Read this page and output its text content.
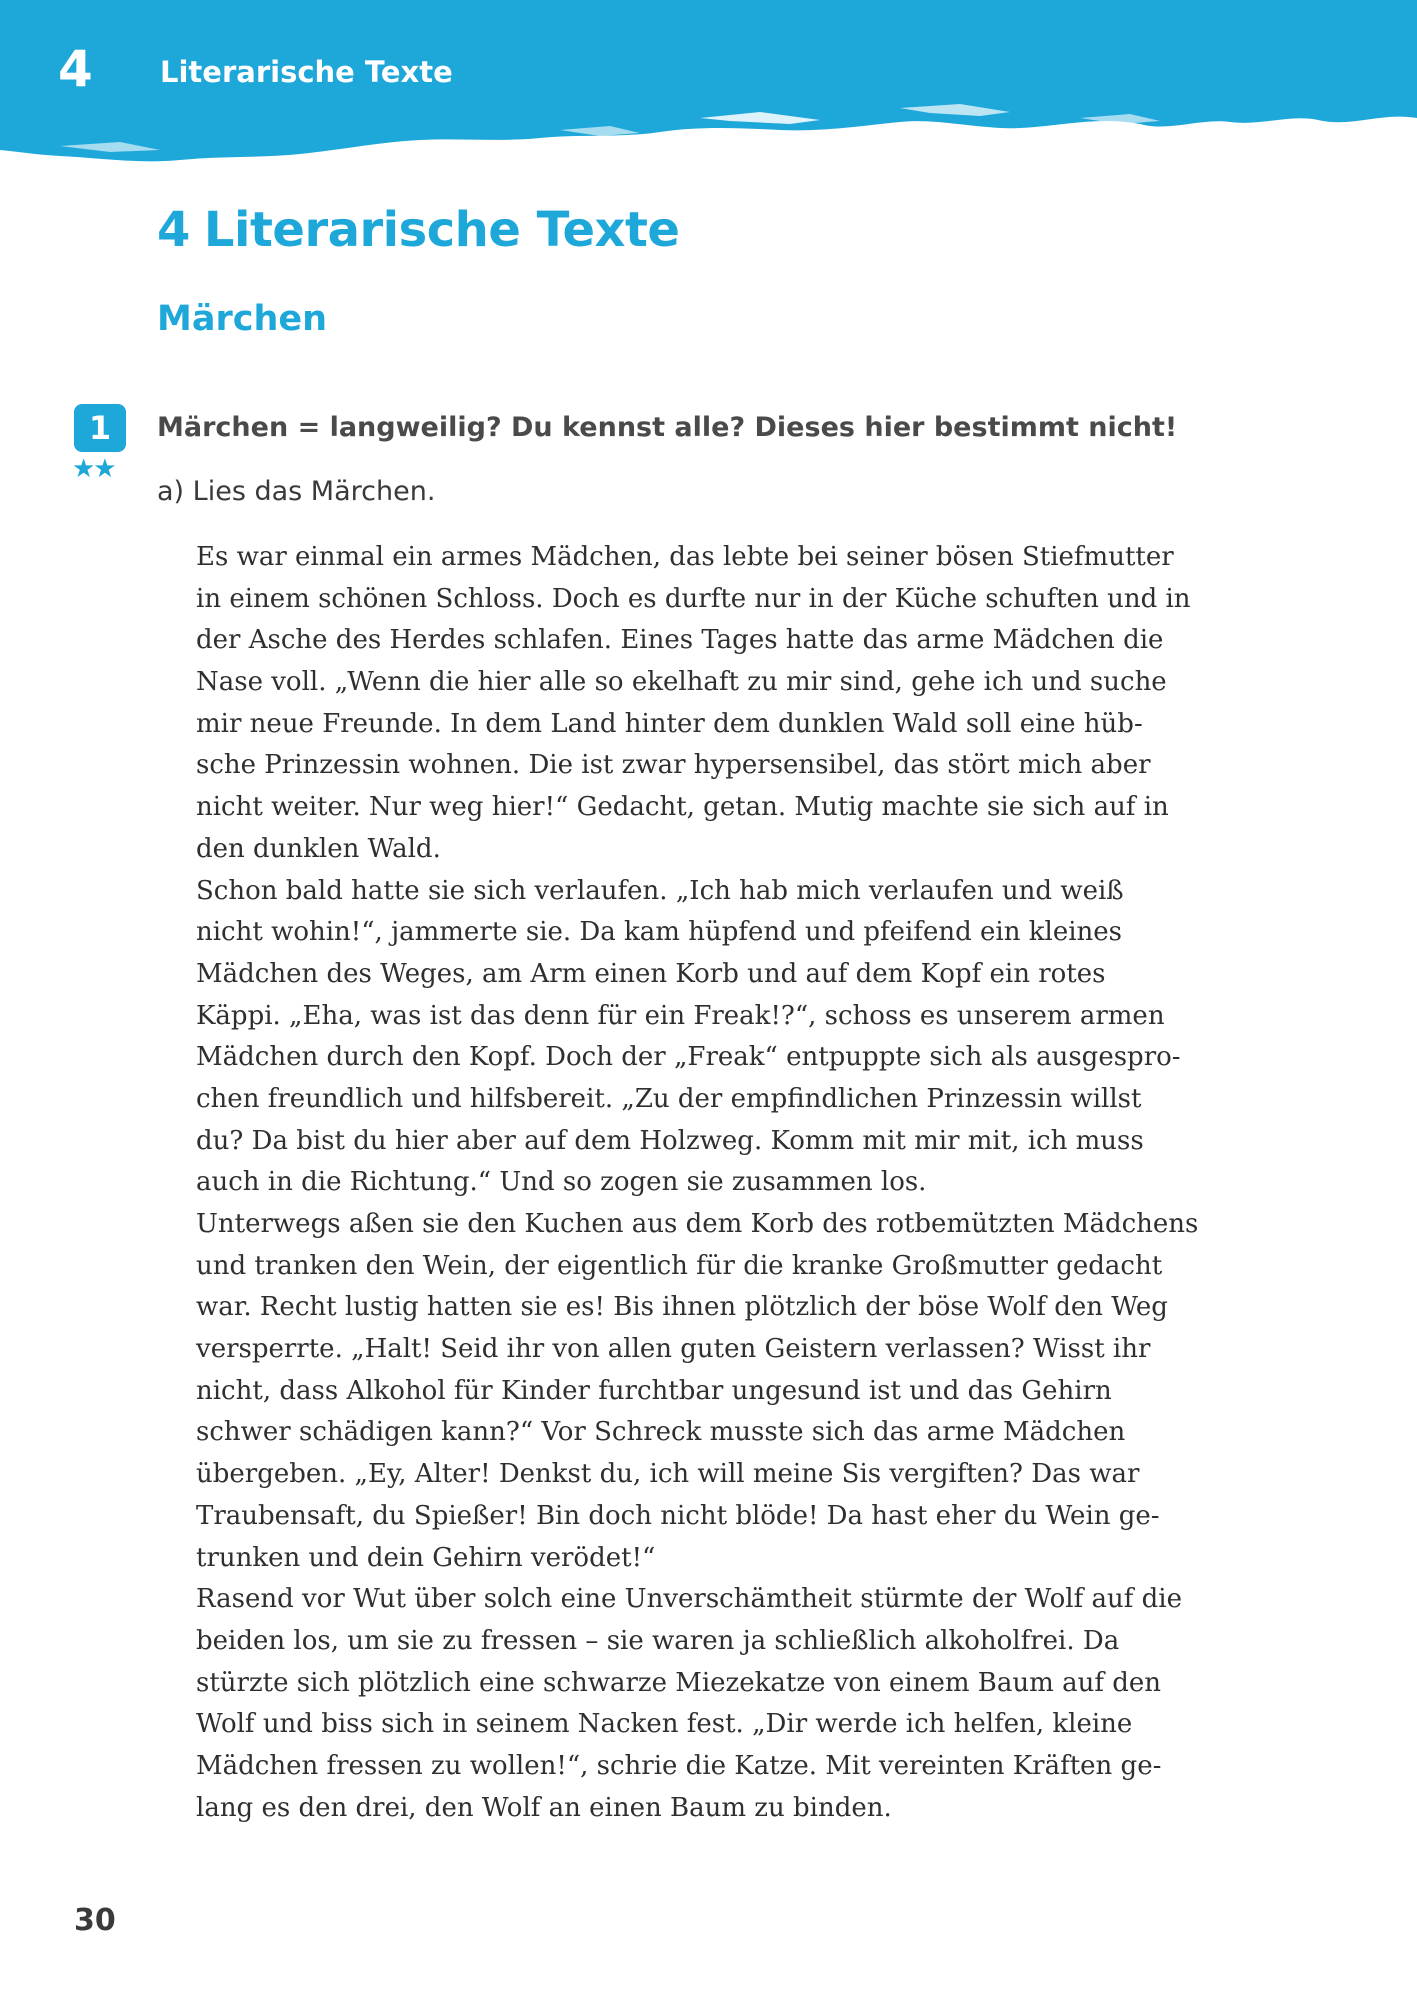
4 Literarische Texte
4 Literarische Texte
Märchen
1
★★
Märchen = langweilig? Du kennst alle? Dieses hier bestimmt nicht!
a) Lies das Märchen.
Es war einmal ein armes Mädchen, das lebte bei seiner bösen Stiefmutter
in einem schönen Schloss. Doch es durfte nur in der Küche schuften und in
der Asche des Herdes schlafen. Eines Tages hatte das arme Mädchen die
Nase voll. „Wenn die hier alle so ekelhaft zu mir sind, gehe ich und suche
mir neue Freunde. In dem Land hinter dem dunklen Wald soll eine hüb-
sche Prinzessin wohnen. Die ist zwar hypersensibel, das stört mich aber
nicht weiter. Nur weg hier!“ Gedacht, getan. Mutig machte sie sich auf in
den dunklen Wald.
Schon bald hatte sie sich verlaufen. „Ich hab mich verlaufen und weiß
nicht wohin!“, jammerte sie. Da kam hüpfend und pfeifend ein kleines
Mädchen des Weges, am Arm einen Korb und auf dem Kopf ein rotes
Käppi. „Eha, was ist das denn für ein Freak!?“, schoss es unserem armen
Mädchen durch den Kopf. Doch der „Freak“ entpuppte sich als ausgespro-
chen freundlich und hilfsbereit. „Zu der empfindlichen Prinzessin willst
du? Da bist du hier aber auf dem Holzweg. Komm mit mir mit, ich muss
auch in die Richtung.“ Und so zogen sie zusammen los.
Unterwegs aßen sie den Kuchen aus dem Korb des rotbemützten Mädchens
und tranken den Wein, der eigentlich für die kranke Großmutter gedacht
war. Recht lustig hatten sie es! Bis ihnen plötzlich der böse Wolf den Weg
versperrte. „Halt! Seid ihr von allen guten Geistern verlassen? Wisst ihr
nicht, dass Alkohol für Kinder furchtbar ungesund ist und das Gehirn
schwer schädigen kann?“ Vor Schreck musste sich das arme Mädchen
übergeben. „Ey, Alter! Denkst du, ich will meine Sis vergiften? Das war
Traubensaft, du Spießer! Bin doch nicht blöde! Da hast eher du Wein ge-
trunken und dein Gehirn verödet!“
Rasend vor Wut über solch eine Unverschämtheit stürmte der Wolf auf die
beiden los, um sie zu fressen – sie waren ja schließlich alkoholfrei. Da
stürzte sich plötzlich eine schwarze Miezekatze von einem Baum auf den
Wolf und biss sich in seinem Nacken fest. „Dir werde ich helfen, kleine
Mädchen fressen zu wollen!“, schrie die Katze. Mit vereinten Kräften ge-
lang es den drei, den Wolf an einen Baum zu binden.
30
